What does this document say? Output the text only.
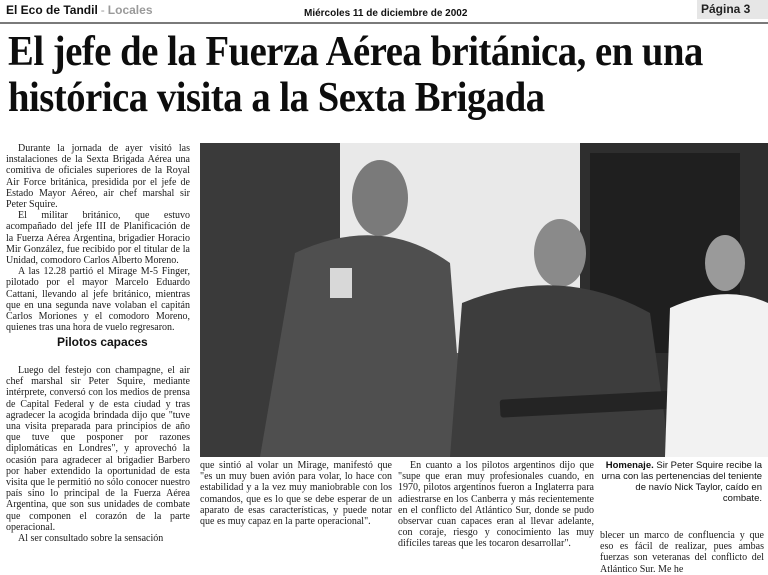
El Eco de Tandil - Locales	Miércoles 11 de diciembre de 2002	Página 3
El jefe de la Fuerza Aérea británica, en una histórica visita a la Sexta Brigada

Durante la jornada de ayer visitó las instalaciones de la Sexta Brigada Aérea una comitiva de oficiales superiores de la Royal Air Force británica, presidida por el jefe de Estado Mayor Aéreo, air chef marshal sir Peter Squire.

El militar británico, que estuvo acompañado del jefe III de Planificación de la Fuerza Aérea Argentina, brigadier Horacio Mir González, fue recibido por el titular de la Unidad, comodoro Carlos Alberto Moreno.

A las 12.28 partió el Mirage M-5 Finger, pilotado por el mayor Marcelo Eduardo Cattani, llevando al jefe británico, mientras que en una segunda nave volaban el capitán Carlos Moriones y el comodoro Moreno, quienes tras una hora de vuelo regresaron.

Pilotos capaces

Luego del festejo con champagne, el air chef marshal sir Peter Squire, mediante intérprete, conversó con los medios de prensa de Capital Federal y de esta ciudad y tras agradecer la acogida brindada dijo que "tuve una visita preparada para principios de año que tuve que posponer por razones diplomáticas en Londres", y aprovechó la ocasión para agradecer al brigadier Barbero por haber extendido la oportunidad de esta visita que le permitió no sólo conocer nuestro país sino lo principal de la Fuerza Aérea Argentina, que son sus unidades de combate que componen el corazón de la parte operacional.

Al ser consultado sobre la sensación

Homenaje. Sir Peter Squire recibe la urna con las pertenencias del teniente de navío Nick Taylor, caído en combate.

que sintió al volar un Mirage, manifestó que "es un muy buen avión para volar, lo hace con estabilidad y a la vez muy maniobrable con los comandos, que es lo que se debe esperar de un aparato de esas características, y puede notar que es muy capaz en la parte operacional".

En cuanto a los pilotos argentinos dijo que "supe que eran muy profesionales cuando, en 1970, pilotos argentinos fueron a Inglaterra para adiestrarse en los Canberra y más recientemente en el conflicto del Atlántico Sur, donde se pudo observar cuan capaces eran al llevar adelante, con coraje, riesgo y conocimiento las muy difíciles tareas que les tocaron desarrollar".

blecer un marco de confluencia y que eso es fácil de realizar, pues ambas fuerzas son veteranas del conflicto del Atlántico Sur. Me he
